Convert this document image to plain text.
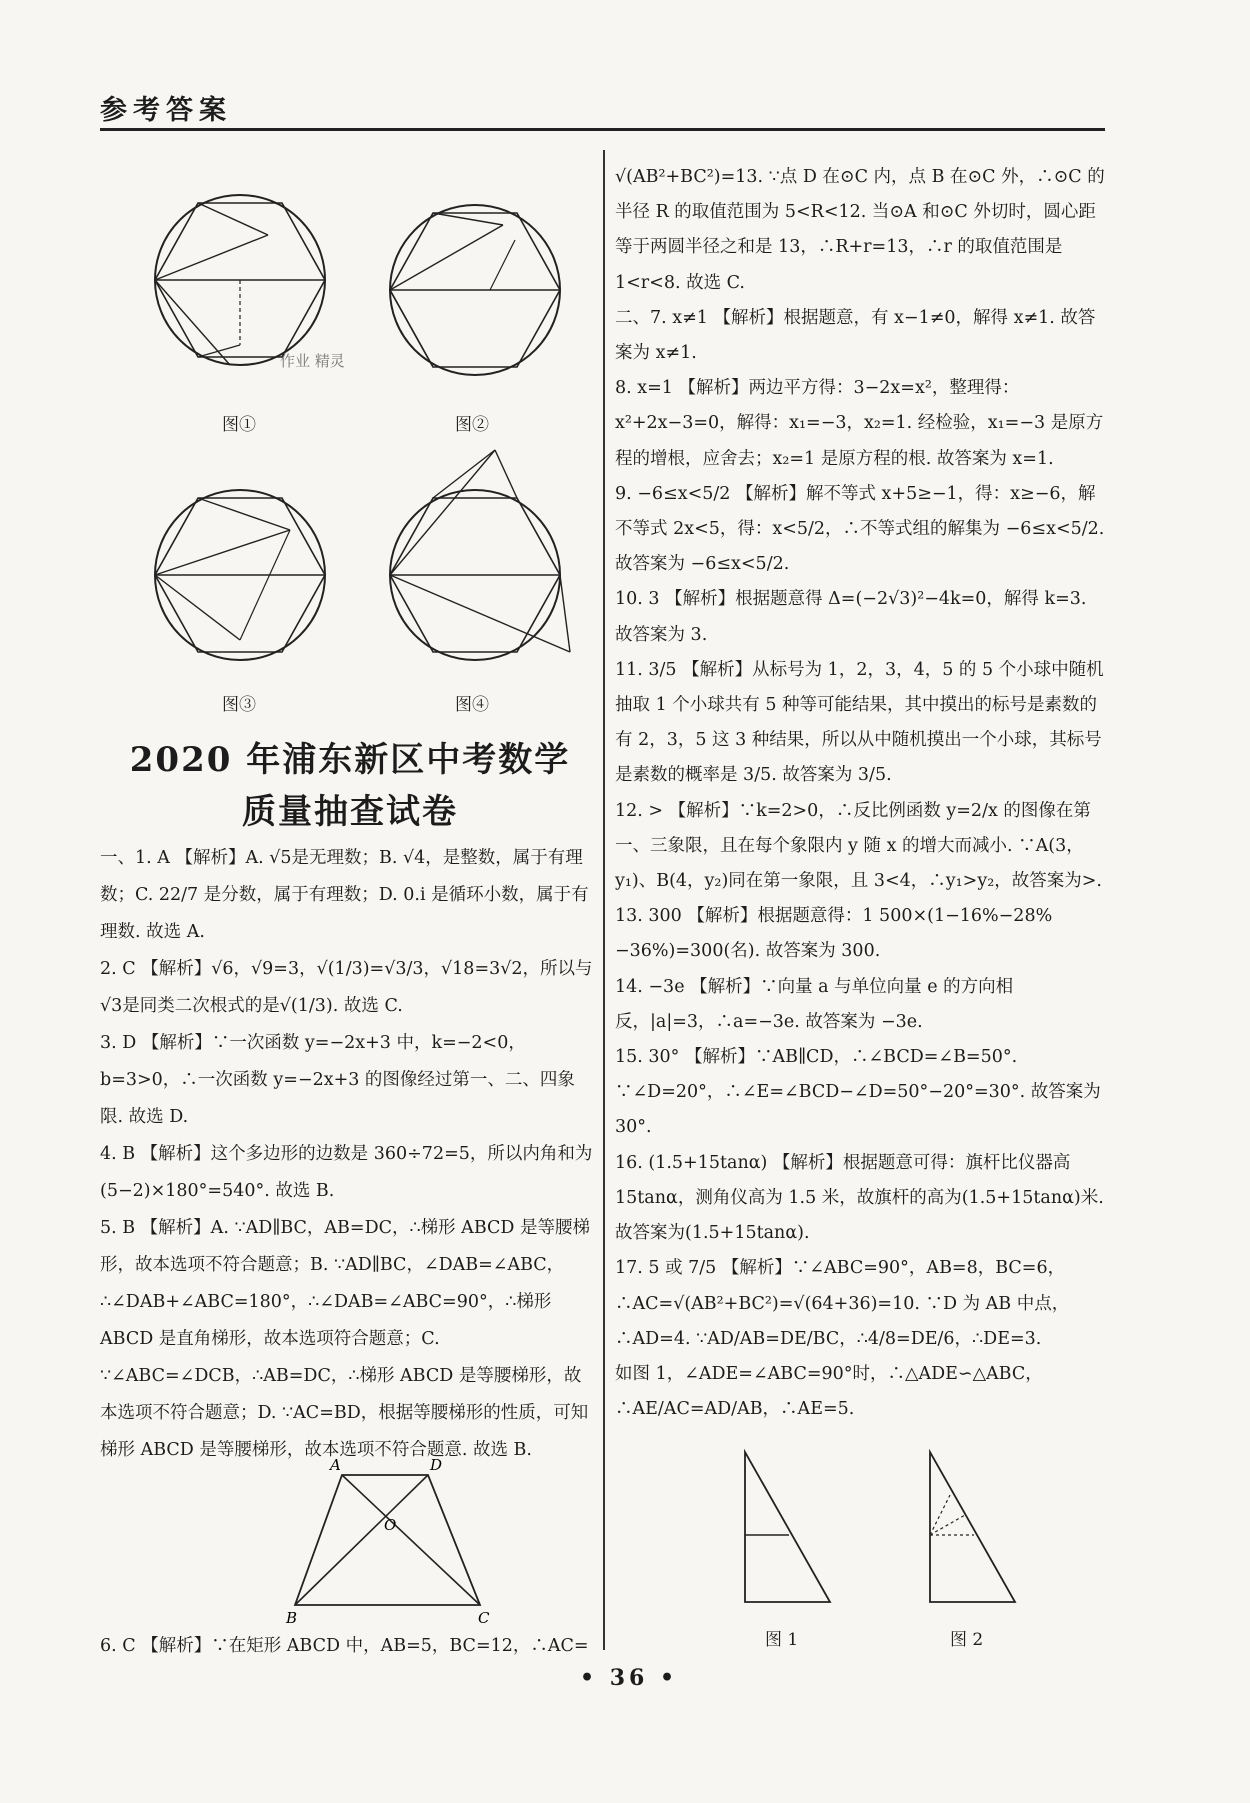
参考答案
图①	图②
作业 精灵
图③	图④
2020 年浦东新区中考数学
质量抽查试卷

一、1. A 【解析】A. √5是无理数；B. √4，是整数，属于有理数；C. 22/7 是分数，属于有理数；D. 0.i 是循环小数，属于有理数. 故选 A.

2. C 【解析】√6，√9=3，√(1/3)=√3/3，√18=3√2，所以与√3是同类二次根式的是√(1/3). 故选 C.

3. D 【解析】∵一次函数 y=−2x+3 中，k=−2<0，b=3>0，∴一次函数 y=−2x+3 的图像经过第一、二、四象限. 故选 D.

4. B 【解析】这个多边形的边数是 360÷72=5，所以内角和为(5−2)×180°=540°. 故选 B.

5. B 【解析】A. ∵AD∥BC，AB=DC，∴梯形 ABCD 是等腰梯形，故本选项不符合题意；B. ∵AD∥BC，∠DAB=∠ABC，∴∠DAB+∠ABC=180°，∴∠DAB=∠ABC=90°，∴梯形 ABCD 是直角梯形，故本选项符合题意；C. ∵∠ABC=∠DCB，∴AB=DC，∴梯形 ABCD 是等腰梯形，故本选项不符合题意；D. ∵AC=BD，根据等腰梯形的性质，可知梯形 ABCD 是等腰梯形，故本选项不符合题意. 故选 B.

A	D
O
B	C

6. C 【解析】∵在矩形 ABCD 中，AB=5，BC=12，∴AC=

√(AB²+BC²)=13. ∵点 D 在⊙C 内，点 B 在⊙C 外，∴⊙C 的半径 R 的取值范围为 5<R<12. 当⊙A 和⊙C 外切时，圆心距等于两圆半径之和是 13，∴R+r=13，∴r 的取值范围是 1<r<8. 故选 C.

二、7. x≠1 【解析】根据题意，有 x−1≠0，解得 x≠1. 故答案为 x≠1.

8. x=1 【解析】两边平方得：3−2x=x²，整理得：x²+2x−3=0，解得：x₁=−3，x₂=1. 经检验，x₁=−3 是原方程的增根，应舍去；x₂=1 是原方程的根. 故答案为 x=1.

9. −6≤x<5/2 【解析】解不等式 x+5≥−1，得：x≥−6，解不等式 2x<5，得：x<5/2，∴不等式组的解集为 −6≤x<5/2. 故答案为 −6≤x<5/2.

10. 3 【解析】根据题意得 Δ=(−2√3)²−4k=0，解得 k=3. 故答案为 3.

11. 3/5 【解析】从标号为 1，2，3，4，5 的 5 个小球中随机抽取 1 个小球共有 5 种等可能结果，其中摸出的标号是素数的有 2，3，5 这 3 种结果，所以从中随机摸出一个小球，其标号是素数的概率是 3/5. 故答案为 3/5.

12. > 【解析】∵k=2>0，∴反比例函数 y=2/x 的图像在第一、三象限，且在每个象限内 y 随 x 的增大而减小. ∵A(3，y₁)、B(4，y₂)同在第一象限，且 3<4，∴y₁>y₂，故答案为>.

13. 300 【解析】根据题意得：1 500×(1−16%−28%−36%)=300(名). 故答案为 300.

14. −3e 【解析】∵向量 a 与单位向量 e 的方向相反，|a|=3，∴a=−3e. 故答案为 −3e.

15. 30° 【解析】∵AB∥CD，∴∠BCD=∠B=50°. ∵∠D=20°，∴∠E=∠BCD−∠D=50°−20°=30°. 故答案为 30°.

16. (1.5+15tanα) 【解析】根据题意可得：旗杆比仪器高 15tanα，测角仪高为 1.5 米，故旗杆的高为(1.5+15tanα)米. 故答案为(1.5+15tanα).

17. 5 或 7/5 【解析】∵∠ABC=90°，AB=8，BC=6，∴AC=√(AB²+BC²)=√(64+36)=10. ∵D 为 AB 中点，∴AD=4. ∵AD/AB=DE/BC，∴4/8=DE/6，∴DE=3.

如图 1，∠ADE=∠ABC=90°时，∴△ADE∽△ABC，∴AE/AC=AD/AB，∴AE=5.

图 1	图 2
• 36 •
